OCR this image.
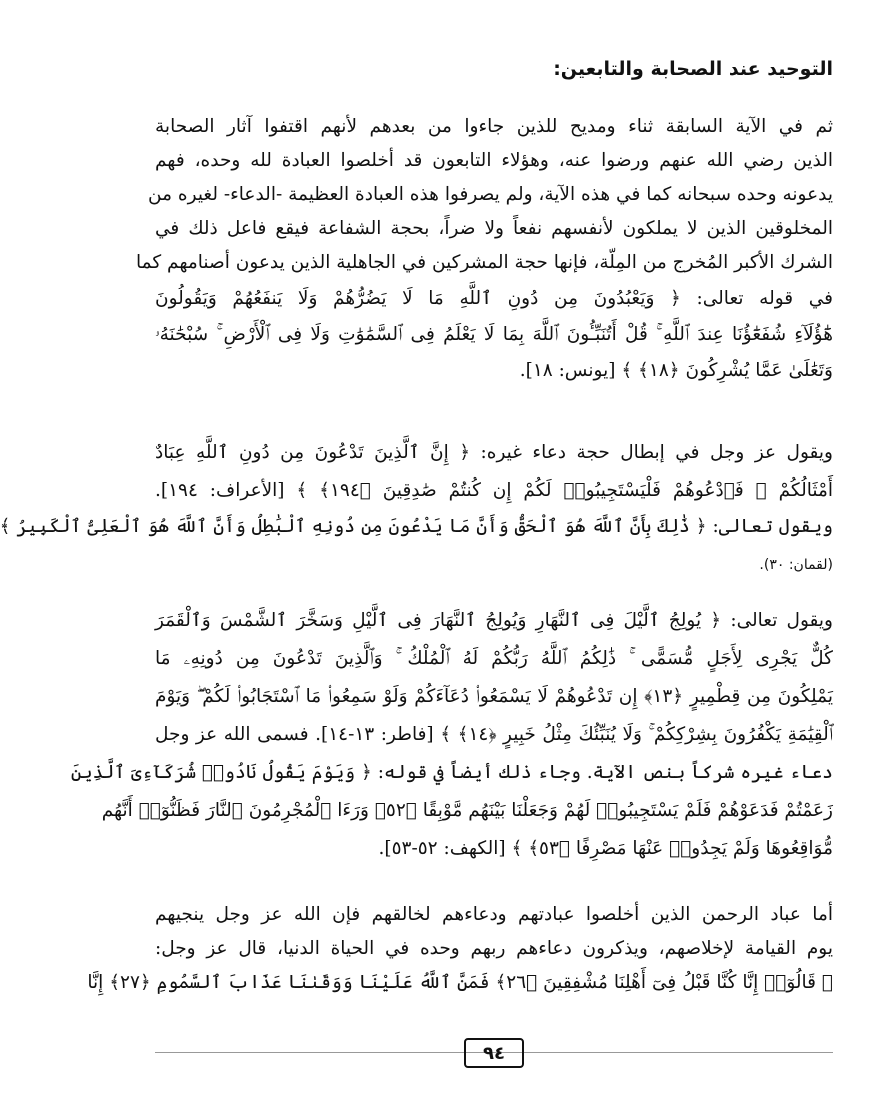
التوحيد عند الصحابة والتابعين:
ثم في الآية السابقة ثناء ومديح للذين جاءوا من بعدهم لأنهم اقتفوا آثار الصحابة
الذين رضي الله عنهم ورضوا عنه، وهؤلاء التابعون قد أخلصوا العبادة لله وحده، فهم
يدعونه وحده سبحانه كما في هذه الآية، ولم يصرفوا هذه العبادة العظيمة -الدعاء- لغيره من
المخلوقين الذين لا يملكون لأنفسهم نفعاً ولا ضراً، بحجة الشفاعة فيقع فاعل ذلك في
الشرك الأكبر المُخرج من المِلّة، فإنها حجة المشركين في الجاهلية الذين يدعون أصنامهم كما
في قوله تعالى: ﴿ وَيَعْبُدُونَ مِن دُونِ ٱللَّهِ مَا لَا يَضُرُّهُمْ وَلَا يَنفَعُهُمْ وَيَقُولُونَ
هَٰٓؤُلَآءِ شُفَعَٰٓؤُنَا عِندَ ٱللَّهِ ۚ قُلْ أَتُنَبِّـُٔونَ ٱللَّهَ بِمَا لَا يَعْلَمُ فِى ٱلسَّمَٰوَٰتِ وَلَا فِى ٱلْأَرْضِ ۚ سُبْحَٰنَهُۥ
وَتَعَٰلَىٰ عَمَّا يُشْرِكُونَ ﴿١٨﴾ ﴾ [يونس: ١٨].
ويقول عز وجل في إبطال حجة دعاء غيره: ﴿ إِنَّ ٱلَّذِينَ تَدْعُونَ مِن دُونِ ٱللَّهِ عِبَادٌ
أَمْثَالُكُمْ ۖ فَٱدْعُوهُمْ فَلْيَسْتَجِيبُوا۟ لَكُمْ إِن كُنتُمْ صَٰدِقِينَ ﴿١٩٤﴾ ﴾ [الأعراف: ١٩٤].
ويقول تعالى: ﴿ ذَٰلِكَ بِأَنَّ ٱللَّهَ هُوَ ٱلْحَقُّ وَأَنَّ مَا يَدْعُونَ مِن دُونِهِ ٱلْبَٰطِلُ وَأَنَّ ٱللَّهَ هُوَ ٱلْعَلِىُّ ٱلْكَبِيرُ ﴾
(لقمان: ٣٠).
ويقول تعالى: ﴿ يُولِجُ ٱلَّيْلَ فِى ٱلنَّهَارِ وَيُولِجُ ٱلنَّهَارَ فِى ٱلَّيْلِ وَسَخَّرَ ٱلشَّمْسَ وَٱلْقَمَرَ
كُلٌّ يَجْرِى لِأَجَلٍ مُّسَمًّى ۚ ذَٰلِكُمُ ٱللَّهُ رَبُّكُمْ لَهُ ٱلْمُلْكُ ۚ وَٱلَّذِينَ تَدْعُونَ مِن دُونِهِۦ مَا
يَمْلِكُونَ مِن قِطْمِيرٍ ﴿١٣﴾ إِن تَدْعُوهُمْ لَا يَسْمَعُوا۟ دُعَآءَكُمْ وَلَوْ سَمِعُوا۟ مَا ٱسْتَجَابُوا۟ لَكُمْ ۖ وَيَوْمَ
ٱلْقِيَٰمَةِ يَكْفُرُونَ بِشِرْكِكُمْ ۚ وَلَا يُنَبِّئُكَ مِثْلُ خَبِيرٍ ﴿١٤﴾ ﴾ [فاطر: ١٣-١٤]. فسمى الله عز وجل
دعاء غيره شركاً بنص الآية. وجاء ذلك أيضاً في قوله: ﴿ وَيَوْمَ يَقُولُ نَادُوا۟ شُرَكَآءِىَ ٱلَّذِينَ
زَعَمْتُمْ فَدَعَوْهُمْ فَلَمْ يَسْتَجِيبُوا۟ لَهُمْ وَجَعَلْنَا بَيْنَهُم مَّوْبِقًا ﴿٥٢﴾ وَرَءَا ٱلْمُجْرِمُونَ ٱلنَّارَ فَظَنُّوٓا۟ أَنَّهُم
مُّوَاقِعُوهَا وَلَمْ يَجِدُوا۟ عَنْهَا مَصْرِفًا ﴿٥٣﴾ ﴾ [الكهف: ٥٢-٥٣].
أما عباد الرحمن الذين أخلصوا عبادتهم ودعاءهم لخالقهم فإن الله عز وجل ينجيهم
يوم القيامة لإخلاصهم، ويذكرون دعاءهم ربهم وحده في الحياة الدنيا، قال عز وجل:
﴿ قَالُوٓا۟ إِنَّا كُنَّا قَبْلُ فِىٓ أَهْلِنَا مُشْفِقِينَ ﴿٢٦﴾ فَمَنَّ ٱللَّهُ عَلَيْنَا وَوَقَىٰنَا عَذَابَ ٱلسَّمُومِ ﴿٢٧﴾ إِنَّا
٩٤
